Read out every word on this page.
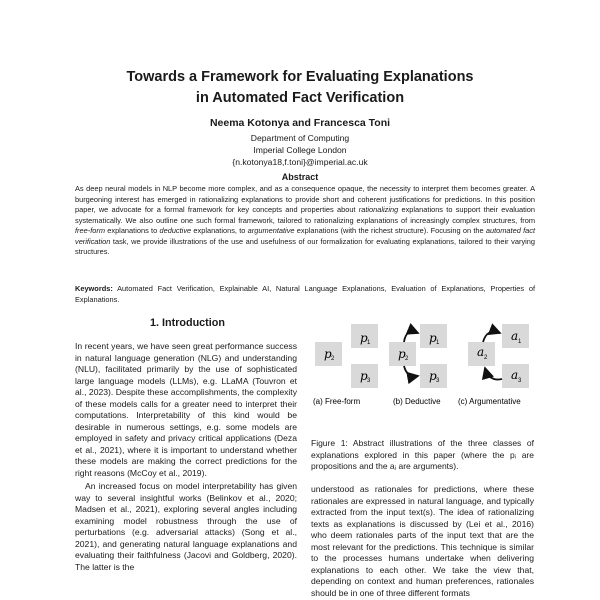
Towards a Framework for Evaluating Explanations
in Automated Fact Verification
Neema Kotonya and Francesca Toni
Department of Computing
Imperial College London
{n.kotonya18,f.toni}@imperial.ac.uk
Abstract
As deep neural models in NLP become more complex, and as a consequence opaque, the necessity to interpret them becomes greater. A burgeoning interest has emerged in rationalizing explanations to provide short and coherent justifications for predictions. In this position paper, we advocate for a formal framework for key concepts and properties about rationalizing explanations to support their evaluation systematically. We also outline one such formal framework, tailored to rationalizing explanations of increasingly complex structures, from free-form explanations to deductive explanations, to argumentative explanations (with the richest structure). Focusing on the automated fact verification task, we provide illustrations of the use and usefulness of our formalization for evaluating explanations, tailored to their varying structures.
Keywords: Automated Fact Verification, Explainable AI, Natural Language Explanations, Evaluation of Explanations, Properties of Explanations.
1. Introduction

In recent years, we have seen great performance success in natural language generation (NLG) and understanding (NLU), facilitated primarily by the use of sophisticated large language models (LLMs), e.g. LLaMA (Touvron et al., 2023). Despite these accomplishments, the complexity of these models calls for a greater need to interpret their computations. Interpretability of this kind would be desirable in numerous settings, e.g. some models are employed in safety and privacy critical applications (Deza et al., 2021), where it is important to understand whether these models are making the correct predictions for the right reasons (McCoy et al., 2019).

An increased focus on model interpretability has given way to several insightful works (Belinkov et al., 2020; Madsen et al., 2021), exploring several angles including examining model robustness through the use of perturbations (e.g. adversarial attacks) (Song et al., 2021), and generating natural language explanations and evaluating their faithfulness (Jacovi and Goldberg, 2020). The latter is the

p 1
p 2
p 3
p 1
p 2
p 3
a 1
a 2
a 3
(a) Free-form	(b) Deductive (c) Argumentative
Figure 1: Abstract illustrations of the three classes of explanations explored in this paper (where the pᵢ are propositions and the aⱼ are arguments).

understood as rationales for predictions, where these rationales are expressed in natural language, and typically extracted from the input text(s). The idea of rationalizing texts as explanations is discussed by (Lei et al., 2016) who deem rationales parts of the input text that are the most relevant for the predictions. This technique is similar to the processes humans undertake when delivering explanations to each other. We take the view that, depending on context and human preferences, rationales should be in one of three different formats
